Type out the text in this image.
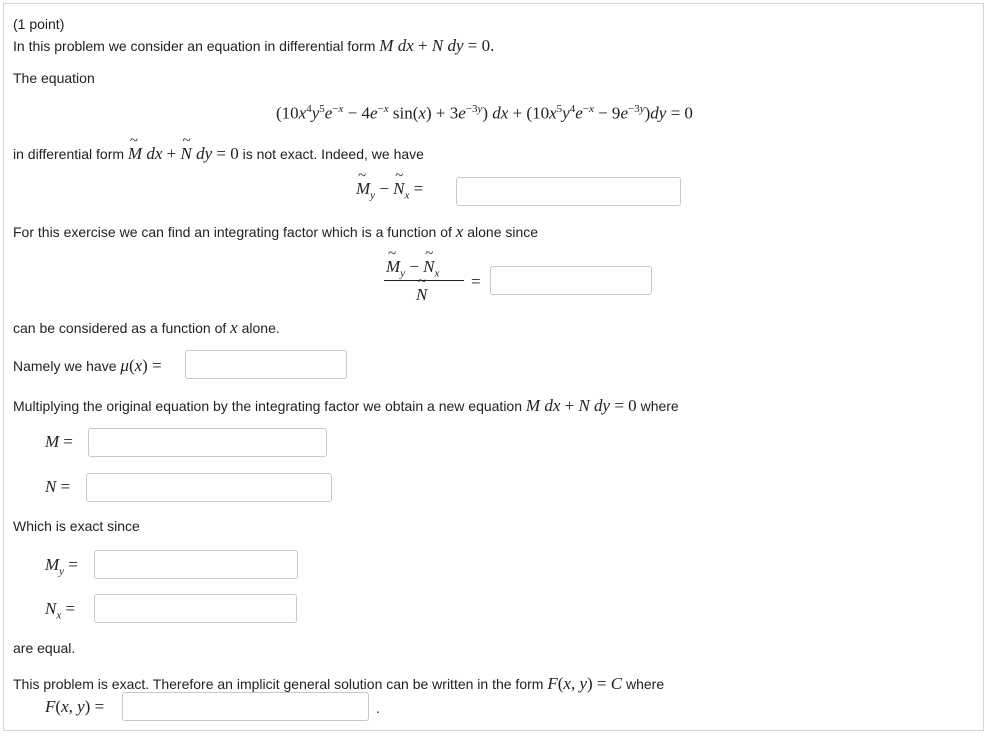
(1 point)
In this problem we consider an equation in differential form M dx + N dy = 0.
The equation
($10x^4y^5e^{-x} - 4e^{-x}$ $\sin(x) + 3e^{-3y}$) dx + $(10x^5y^4e^{-x} - 9e^{-3y})dy = 0$
in differential form ~ M dx + ~ N dy = 0 is not exact. Indeed, we have
~ $M_y$ − ~ $N_x$ =
For this exercise we can find an integrating factor which is a function of x alone since
~ $M_y$ − ~ $N_x$
~ N
=
can be considered as a function of x alone.
Namely we have μ(x) =
Multiplying the original equation by the integrating factor we obtain a new equation M dx + N dy = 0 where
M =
N =
Which is exact since
$M_y$ =
$N_x$ =
are equal.
This problem is exact. Therefore an implicit general solution can be written in the form F(x, y) = C where
F(x, y) =	.
